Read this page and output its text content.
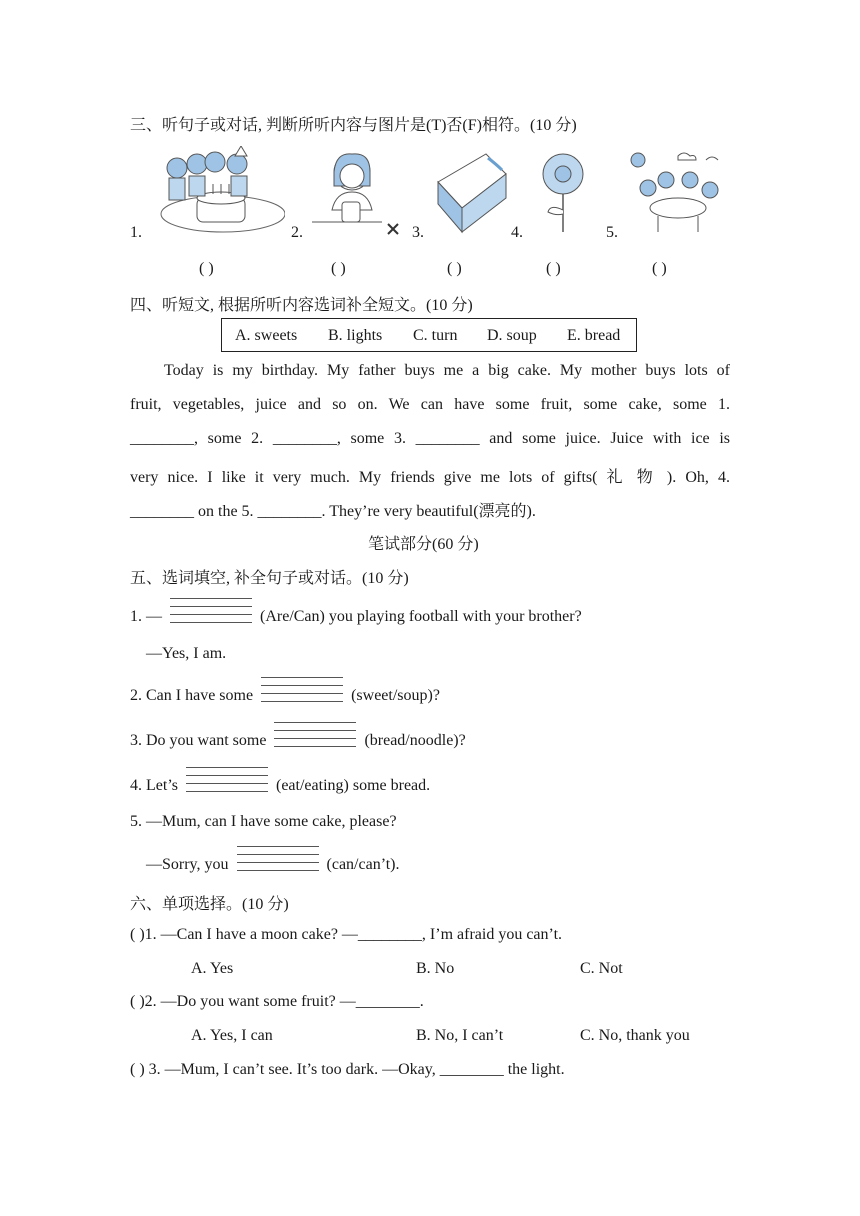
三、听句子或对话, 判断所听内容与图片是(T)否(F)相符。(10 分)
1.	2.	3.	4.	5.
( )	( )	( )	( )	( )
四、听短文, 根据所听内容选词补全短文。(10 分)
A. sweets B. lights C. turn D. soup E. bread
Today is my birthday. My father buys me a big cake. My mother buys lots of
fruit, vegetables, juice and so on. We can have some fruit, some cake, some 1.
________, some 2. ________, some 3. ________ and some juice. Juice with ice is
very nice. I like it very much. My friends give me lots of gifts( 礼 物 ). Oh, 4.
________ on the 5. ________. They’re very beautiful(漂亮的).
笔试部分(60 分)
五、选词填空, 补全句子或对话。(10 分)
1. —	(Are/Can) you playing football with your brother?
—Yes, I am.
2. Can I have some	(sweet/soup)?
3. Do you want some	(bread/noodle)?
4. Let’s	(eat/eating) some bread.
5. —Mum, can I have some cake, please?
—Sorry, you	(can/can’t).
六、单项选择。(10 分)
( )1. —Can I have a moon cake? —________, I’m afraid you can’t.
A. Yes	B. No	C. Not
( )2. —Do you want some fruit? —________.
A. Yes, I can	B. No, I can’t	C. No, thank you
( ) 3. —Mum, I can’t see. It’s too dark. —Okay, ________ the light.
